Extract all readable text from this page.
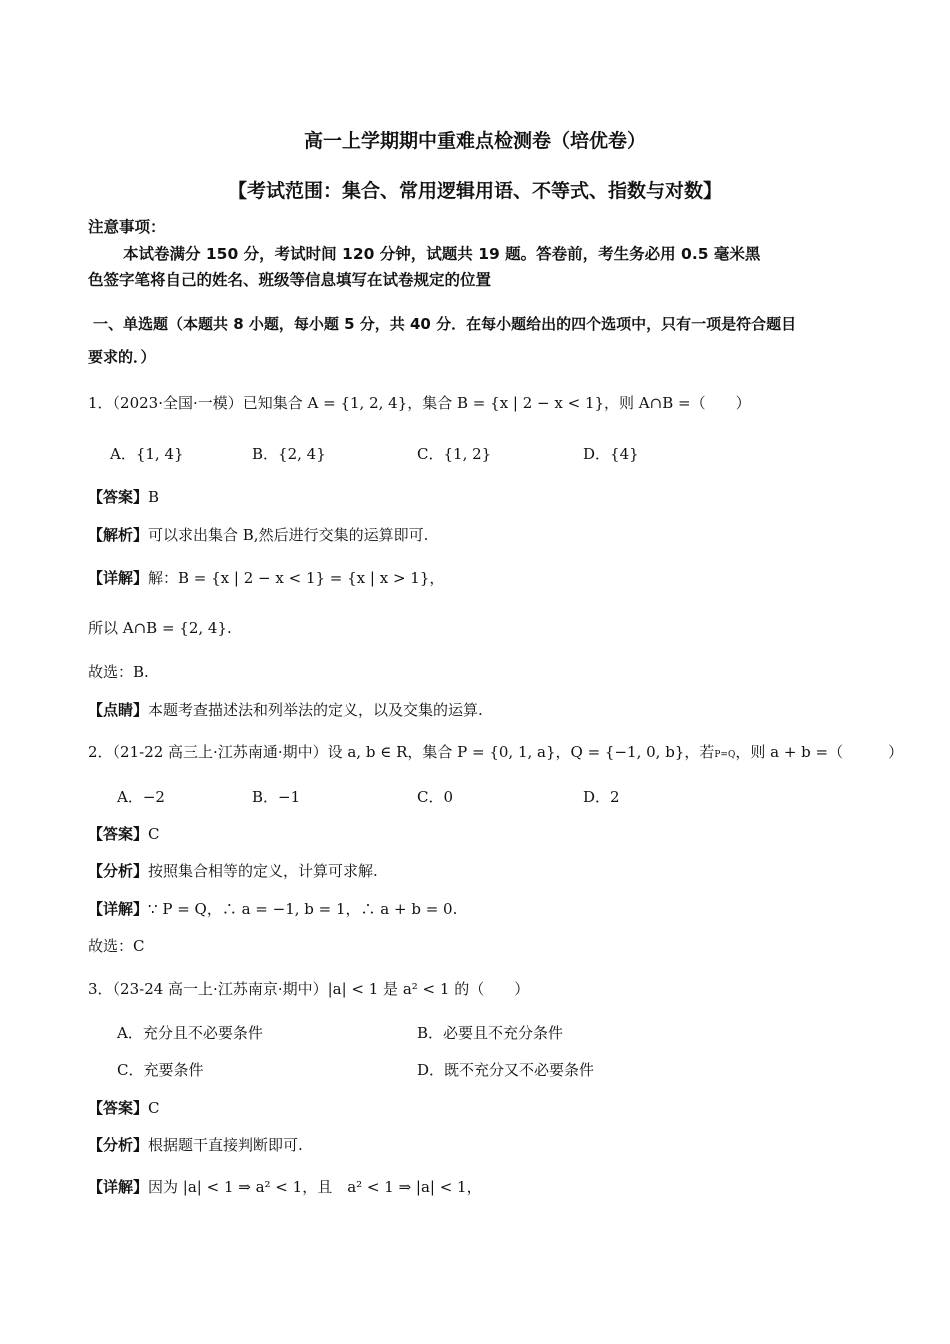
高一上学期期中重难点检测卷（培优卷）
【考试范围：集合、常用逻辑用语、不等式、指数与对数】
注意事项：
本试卷满分 150 分，考试时间 120 分钟，试题共 19 题。答卷前，考生务必用 0.5 毫米黑
色签字笔将自己的姓名、班级等信息填写在试卷规定的位置
一、单选题（本题共 8 小题，每小题 5 分，共 40 分．在每小题给出的四个选项中，只有一项是符合题目
要求的．）
1．（2023·全国·一模）已知集合 A = {1, 2, 4}，集合 B = {x | 2 − x < 1}，则 A∩B =（　　）
A．{1, 4}	B．{2, 4}	C．{1, 2}	D．{4}
【答案】B
【解析】可以求出集合 B,然后进行交集的运算即可.
【详解】解：B = {x | 2 − x < 1} = {x | x > 1}，
所以 A∩B = {2, 4}.
故选：B.
【点睛】本题考查描述法和列举法的定义，以及交集的运算.
2．（21-22 高三上·江苏南通·期中）设 a, b ∈ R，集合 P = {0, 1, a}，Q = {−1, 0, b}，若P=Q，则 a + b =（　　　）
A．−2	B．−1	C．0	D．2
【答案】C
【分析】按照集合相等的定义，计算可求解.
【详解】∵ P = Q，∴ a = −1, b = 1，∴ a + b = 0.
故选：C
3．（23-24 高一上·江苏南京·期中）|a| < 1 是 a² < 1 的（　　）
A．充分且不必要条件	B．必要且不充分条件
C．充要条件	D．既不充分又不必要条件
【答案】C
【分析】根据题干直接判断即可.
【详解】因为 |a| < 1 ⇒ a² < 1，且　a² < 1 ⇒ |a| < 1，
